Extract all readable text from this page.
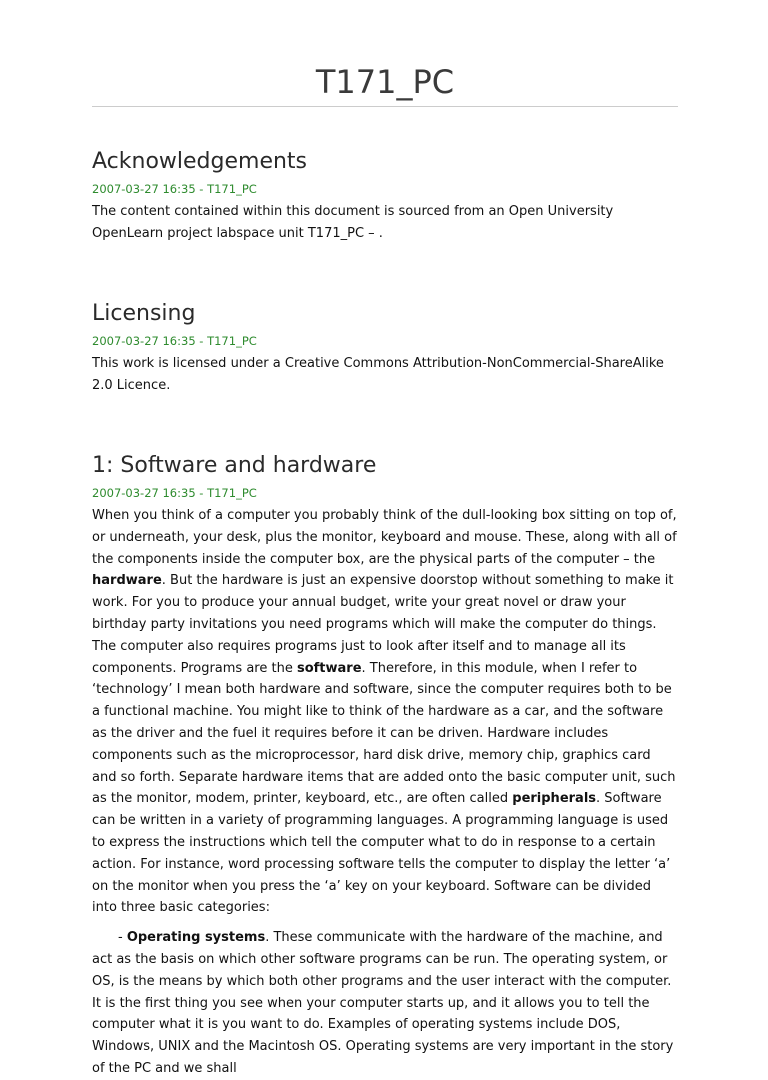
T171_PC
Acknowledgements
2007-03-27 16:35 - T171_PC

The content contained within this document is sourced from an Open University OpenLearn project labspace unit T171_PC – .

Licensing
2007-03-27 16:35 - T171_PC

This work is licensed under a Creative Commons Attribution-NonCommercial-ShareAlike 2.0 Licence.

1: Software and hardware
2007-03-27 16:35 - T171_PC

When you think of a computer you probably think of the dull-looking box sitting on top of, or underneath, your desk, plus the monitor, keyboard and mouse. These, along with all of the components inside the computer box, are the physical parts of the computer – the hardware. But the hardware is just an expensive doorstop without something to make it work. For you to produce your annual budget, write your great novel or draw your birthday party invitations you need programs which will make the computer do things. The computer also requires programs just to look after itself and to manage all its components. Programs are the software. Therefore, in this module, when I refer to ‘technology’ I mean both hardware and software, since the computer requires both to be a functional machine. You might like to think of the hardware as a car, and the software as the driver and the fuel it requires before it can be driven. Hardware includes components such as the microprocessor, hard disk drive, memory chip, graphics card and so forth. Separate hardware items that are added onto the basic computer unit, such as the monitor, modem, printer, keyboard, etc., are often called peripherals. Software can be written in a variety of programming languages. A programming language is used to express the instructions which tell the computer what to do in response to a certain action. For instance, word processing software tells the computer to display the letter ‘a’ on the monitor when you press the ‘a’ key on your keyboard. Software can be divided into three basic categories:

- Operating systems. These communicate with the hardware of the machine, and act as the basis on which other software programs can be run. The operating system, or OS, is the means by which both other programs and the user interact with the computer. It is the first thing you see when your computer starts up, and it allows you to tell the computer what it is you want to do. Examples of operating systems include DOS, Windows, UNIX and the Macintosh OS. Operating systems are very important in the story of the PC and we shall
